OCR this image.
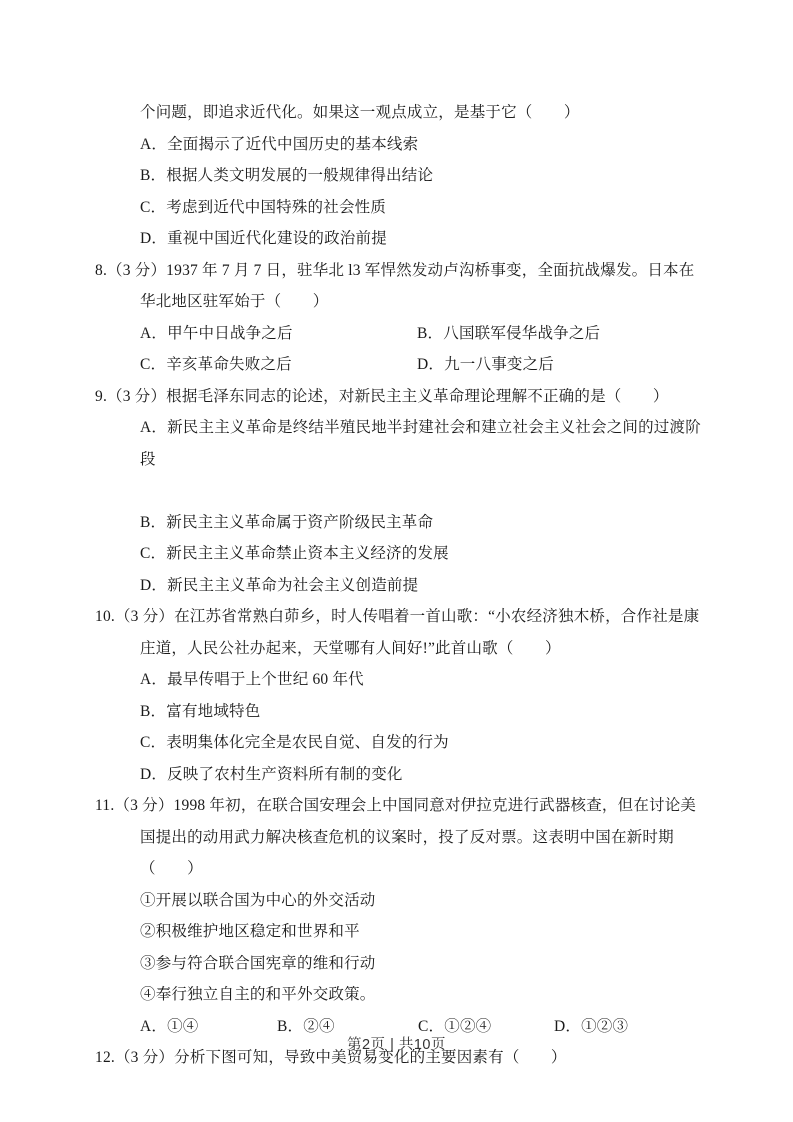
个问题，即追求近代化。如果这一观点成立，是基于它（　　）

A．全面揭示了近代中国历史的基本线索

B．根据人类文明发展的一般规律得出结论

C．考虑到近代中国特殊的社会性质

D．重视中国近代化建设的政治前提

8.（3 分）1937 年 7 月 7 日，驻华北 l3 军悍然发动卢沟桥事变，全面抗战爆发。日本在华北地区驻军始于（　　）

A．甲午中日战争之后	B．八国联军侵华战争之后
C．辛亥革命失败之后	D．九一八事变之后

9.（3 分）根据毛泽东同志的论述，对新民主主义革命理论理解不正确的是（　　）

A．新民主主义革命是终结半殖民地半封建社会和建立社会主义社会之间的过渡阶段

B．新民主主义革命属于资产阶级民主革命

C．新民主主义革命禁止资本主义经济的发展

D．新民主主义革命为社会主义创造前提

10.（3 分）在江苏省常熟白茆乡，时人传唱着一首山歌：“小农经济独木桥，合作社是康庄道，人民公社办起来，天堂哪有人间好!”此首山歌（　　）

A．最早传唱于上个世纪 60 年代

B．富有地域特色

C．表明集体化完全是农民自觉、自发的行为

D．反映了农村生产资料所有制的变化

11.（3 分）1998 年初，在联合国安理会上中国同意对伊拉克进行武器核查，但在讨论美国提出的动用武力解决核查危机的议案时，投了反对票。这表明中国在新时期（　　）

①开展以联合国为中心的外交活动

②积极维护地区稳定和世界和平

③参与符合联合国宪章的维和行动

④奉行独立自主的和平外交政策。

A．①④	B．②④	C．①②④	D．①②③

12.（3 分）分析下图可知，导致中美贸易变化的主要因素有（　　）

第2页 | 共10页
